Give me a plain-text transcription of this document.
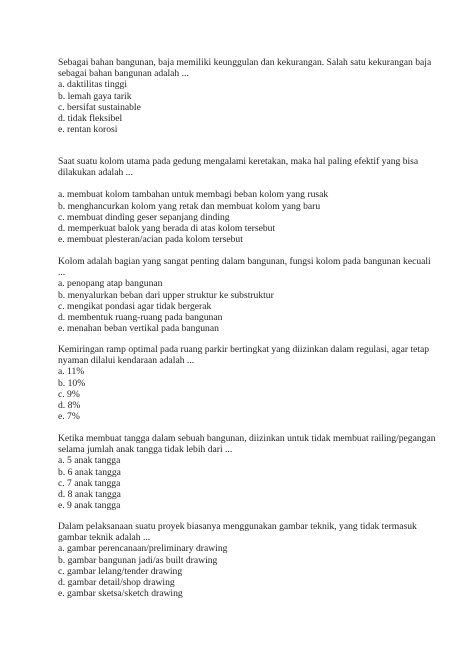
Sebagai bahan bangunan, baja memiliki keunggulan dan kekurangan. Salah satu kekurangan baja sebagai bahan bangunan adalah ...

a. daktilitas tinggi
b. lemah gaya tarik
c. bersifat sustainable
d. tidak fleksibel
e. rentan korosi

Saat suatu kolom utama pada gedung mengalami keretakan, maka hal paling efektif yang bisa dilakukan adalah ...

a. membuat kolom tambahan untuk membagi beban kolom yang rusak
b. menghancurkan kolom yang retak dan membuat kolom yang baru
c. membuat dinding geser sepanjang dinding
d. memperkuat balok yang berada di atas kolom tersebut
e. membuat plesteran/acian pada kolom tersebut

Kolom adalah bagian yang sangat penting dalam bangunan, fungsi kolom pada bangunan kecuali ...

a. penopang atap bangunan
b. menyalurkan beban dari upper struktur ke substruktur
c. mengikat pondasi agar tidak bergerak
d. membentuk ruang-ruang pada bangunan
e. menahan beban vertikal pada bangunan

Kemiringan ramp optimal pada ruang parkir bertingkat yang diizinkan dalam regulasi, agar tetap nyaman dilalui kendaraan adalah ...

a. 11%
b. 10%
c. 9%
d. 8%
e. 7%

Ketika membuat tangga dalam sebuah bangunan, diizinkan untuk tidak membuat railing/pegangan selama jumlah anak tangga tidak lebih dari ...

a. 5 anak tangga
b. 6 anak tangga
c. 7 anak tangga
d. 8 anak tangga
e. 9 anak tangga

Dalam pelaksanaan suatu proyek biasanya menggunakan gambar teknik, yang tidak termasuk gambar teknik adalah ...

a. gambar perencanaan/preliminary drawing
b. gambar bangunan jadi/as built drawing
c. gambar lelang/tender drawing
d. gambar detail/shop drawing
e. gambar sketsa/sketch drawing
